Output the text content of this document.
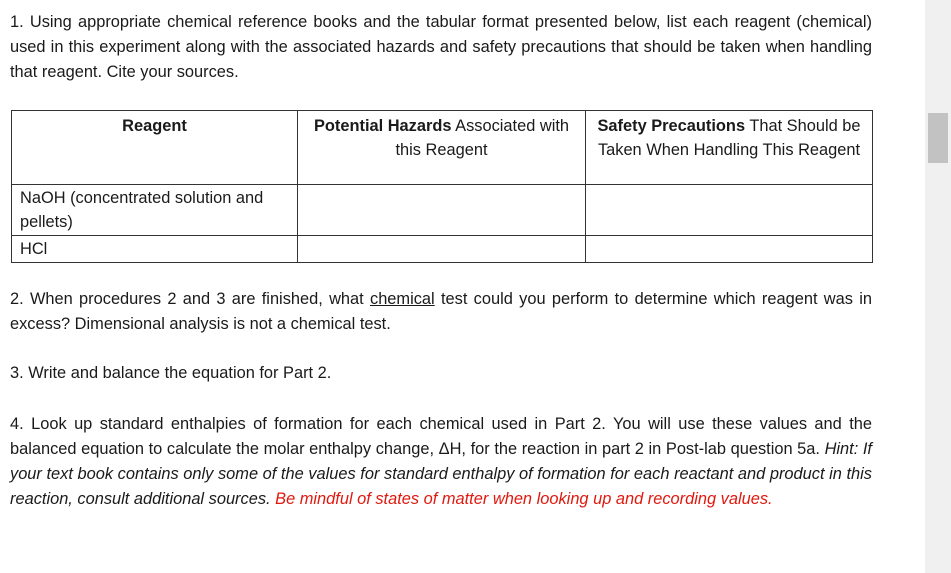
1. Using appropriate chemical reference books and the tabular format presented below, list each reagent (chemical) used in this experiment along with the associated hazards and safety precautions that should be taken when handling that reagent. Cite your sources.
Reagent	Potential Hazards Associated with this Reagent	Safety Precautions That Should be Taken When Handling This Reagent
NaOH (concentrated solution and pellets)		
HCl		
2. When procedures 2 and 3 are finished, what chemical test could you perform to determine which reagent was in excess? Dimensional analysis is not a chemical test.
3. Write and balance the equation for Part 2.
4. Look up standard enthalpies of formation for each chemical used in Part 2. You will use these values and the balanced equation to calculate the molar enthalpy change, ΔH, for the reaction in part 2 in Post-lab question 5a. Hint: If your text book contains only some of the values for standard enthalpy of formation for each reactant and product in this reaction, consult additional sources. Be mindful of states of matter when looking up and recording values.
